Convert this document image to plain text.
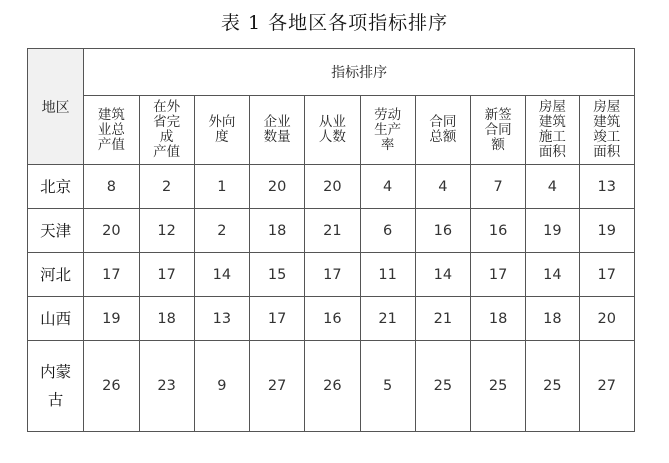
表 1 各地区各项指标排序
地区	指标排序									
	建筑
业总
产值	在外
省完
成
产值	外向
度	企业
数量	从业
人数	劳动
生产
率	合同
总额	新签
合同
额	房屋
建筑
施工
面积	房屋
建筑
竣工
面积
北京	8	2	1	20	20	4	4	7	4	13
天津	20	12	2	18	21	6	16	16	19	19
河北	17	17	14	15	17	11	14	17	14	17
山西	19	18	13	17	16	21	21	18	18	20
内蒙
古	26	23	9	27	26	5	25	25	25	27
